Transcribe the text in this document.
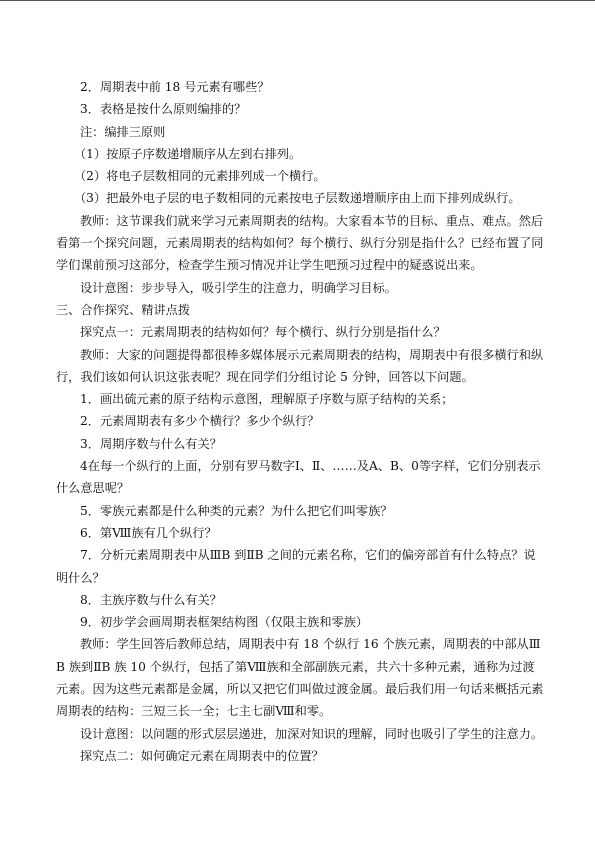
2．周期表中前 18 号元素有哪些？

3．表格是按什么原则编排的？

注：编排三原则

（1）按原子序数递增顺序从左到右排列。

（2）将电子层数相同的元素排列成一个横行。

（3）把最外电子层的电子数相同的元素按电子层数递增顺序由上而下排列成纵行。

教师：这节课我们就来学习元素周期表的结构。大家看本节的目标、重点、难点。然后看第一个探究问题，元素周期表的结构如何？每个横行、纵行分别是指什么？已经布置了同学们课前预习这部分，检查学生预习情况并让学生吧预习过程中的疑惑说出来。

设计意图：步步导入，吸引学生的注意力，明确学习目标。

三、合作探究、精讲点拨

探究点一：元素周期表的结构如何？每个横行、纵行分别是指什么？

教师：大家的问题提得都很棒多媒体展示元素周期表的结构，周期表中有很多横行和纵行，我们该如何认识这张表呢？现在同学们分组讨论 5 分钟，回答以下问题。

1．画出硫元素的原子结构示意图，理解原子序数与原子结构的关系；

2．元素周期表有多少个横行？多少个纵行？

3．周期序数与什么有关？

4在每一个纵行的上面，分别有罗马数字Ⅰ、Ⅱ、……及A、B、0等字样，它们分别表示什么意思呢？

5．零族元素都是什么种类的元素？为什么把它们叫零族？

6．第Ⅷ族有几个纵行？

7．分析元素周期表中从ⅢB 到ⅡB 之间的元素名称，它们的偏旁部首有什么特点？说明什么？

8．主族序数与什么有关？

9．初步学会画周期表框架结构图（仅限主族和零族）

教师：学生回答后教师总结，周期表中有 18 个纵行 16 个族元素，周期表的中部从ⅢB 族到ⅡB 族 10 个纵行，包括了第Ⅷ族和全部副族元素，共六十多种元素，通称为过渡元素。因为这些元素都是金属，所以又把它们叫做过渡金属。最后我们用一句话来概括元素周期表的结构：三短三长一全；七主七副Ⅷ和零。

设计意图：以问题的形式层层递进，加深对知识的理解，同时也吸引了学生的注意力。

探究点二：如何确定元素在周期表中的位置？
